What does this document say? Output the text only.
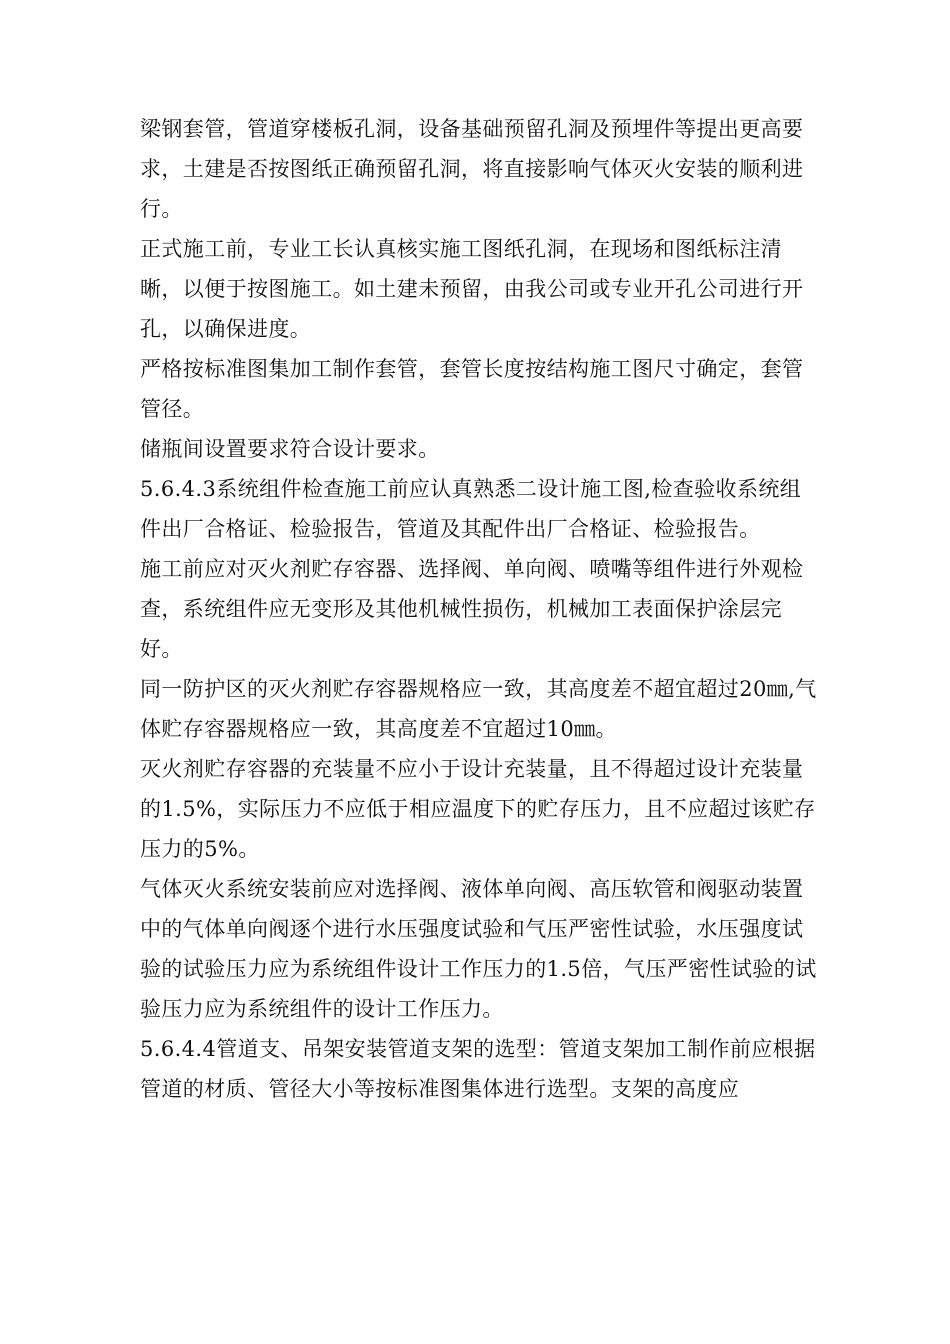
梁钢套管，管道穿楼板孔洞，设备基础预留孔洞及预埋件等提出更高要求，土建是否按图纸正确预留孔洞，将直接影响气体灭火安装的顺利进行。

正式施工前，专业工长认真核实施工图纸孔洞，在现场和图纸标注清晰，以便于按图施工。如土建未预留，由我公司或专业开孔公司进行开孔，以确保进度。

严格按标准图集加工制作套管，套管长度按结构施工图尺寸确定，套管管径。

储瓶间设置要求符合设计要求。

5.6.4.3系统组件检查施工前应认真熟悉二设计施工图,检查验收系统组件出厂合格证、检验报告，管道及其配件出厂合格证、检验报告。

施工前应对灭火剂贮存容器、选择阀、单向阀、喷嘴等组件进行外观检查，系统组件应无变形及其他机械性损伤，机械加工表面保护涂层完好。

同一防护区的灭火剂贮存容器规格应一致，其高度差不超宜超过20㎜,气体贮存容器规格应一致，其高度差不宜超过10㎜。

灭火剂贮存容器的充装量不应小于设计充装量，且不得超过设计充装量的1.5%，实际压力不应低于相应温度下的贮存压力，且不应超过该贮存压力的5%。

气体灭火系统安装前应对选择阀、液体单向阀、高压软管和阀驱动装置中的气体单向阀逐个进行水压强度试验和气压严密性试验，水压强度试验的试验压力应为系统组件设计工作压力的1.5倍，气压严密性试验的试验压力应为系统组件的设计工作压力。

5.6.4.4管道支、吊架安装管道支架的选型：管道支架加工制作前应根据管道的材质、管径大小等按标准图集体进行选型。支架的高度应
